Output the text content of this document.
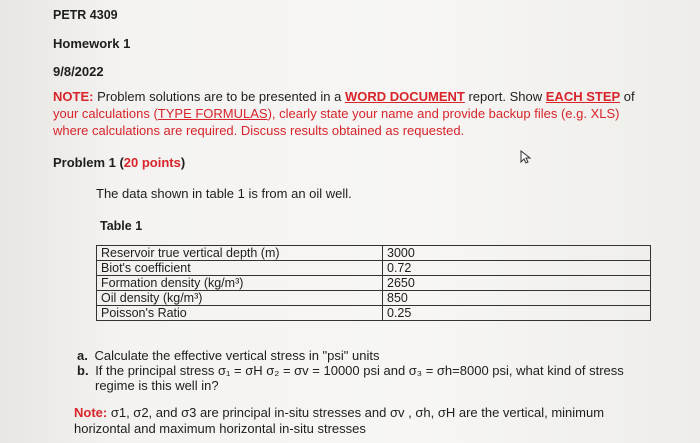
PETR 4309
Homework 1
9/8/2022
NOTE: Problem solutions are to be presented in a WORD DOCUMENT report. Show EACH STEP of
your calculations (TYPE FORMULAS), clearly state your name and provide backup files (e.g. XLS)
where calculations are required. Discuss results obtained as requested.
Problem 1 (20 points)
The data shown in table 1 is from an oil well.
Table 1
Reservoir true vertical depth (m)	3000
Biot's coefficient	0.72
Formation density (kg/m³)	2650
Oil density (kg/m³)	850
Poisson's Ratio	0.25
a. Calculate the effective vertical stress in "psi" units
b. If the principal stress σ₁ = σH σ₂ = σv = 10000 psi and σ₃ = σh=8000 psi, what kind of stress
regime is this well in?
Note: σ1, σ2, and σ3 are principal in-situ stresses and σv , σh, σH are the vertical, minimum
horizontal and maximum horizontal in-situ stresses
